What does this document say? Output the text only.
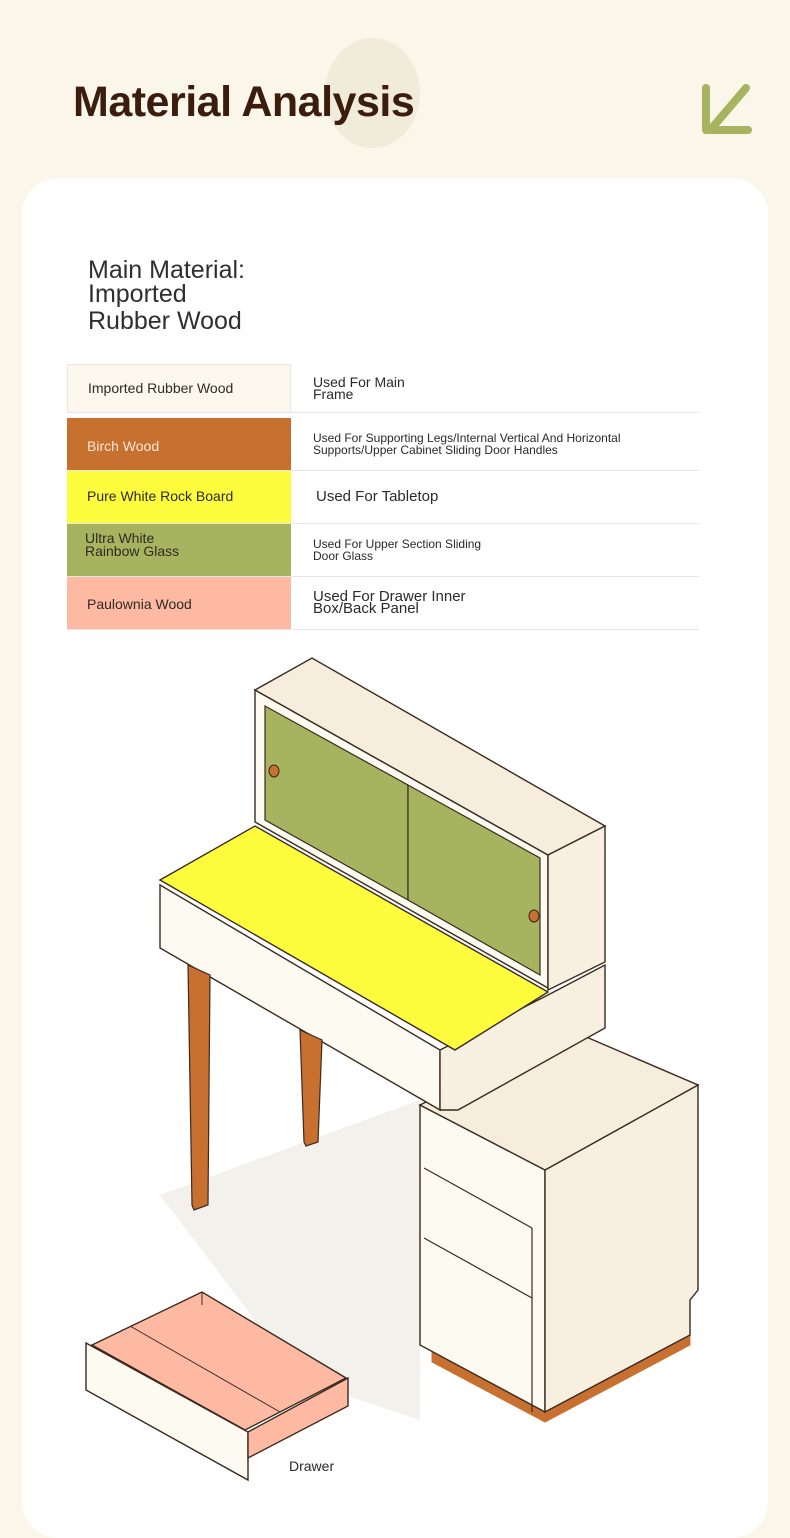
Material Analysis
Main Material:
Imported
Rubber Wood
Imported Rubber Wood	Used For Main
Frame
Birch Wood	Used For Supporting Legs/Internal Vertical And Horizontal
Supports/Upper Cabinet Sliding Door Handles
Pure White Rock Board	Used For Tabletop
Ultra White
Rainbow Glass	Used For Upper Section Sliding
Door Glass
Paulownia Wood	Used For Drawer Inner
Box/Back Panel
Drawer
